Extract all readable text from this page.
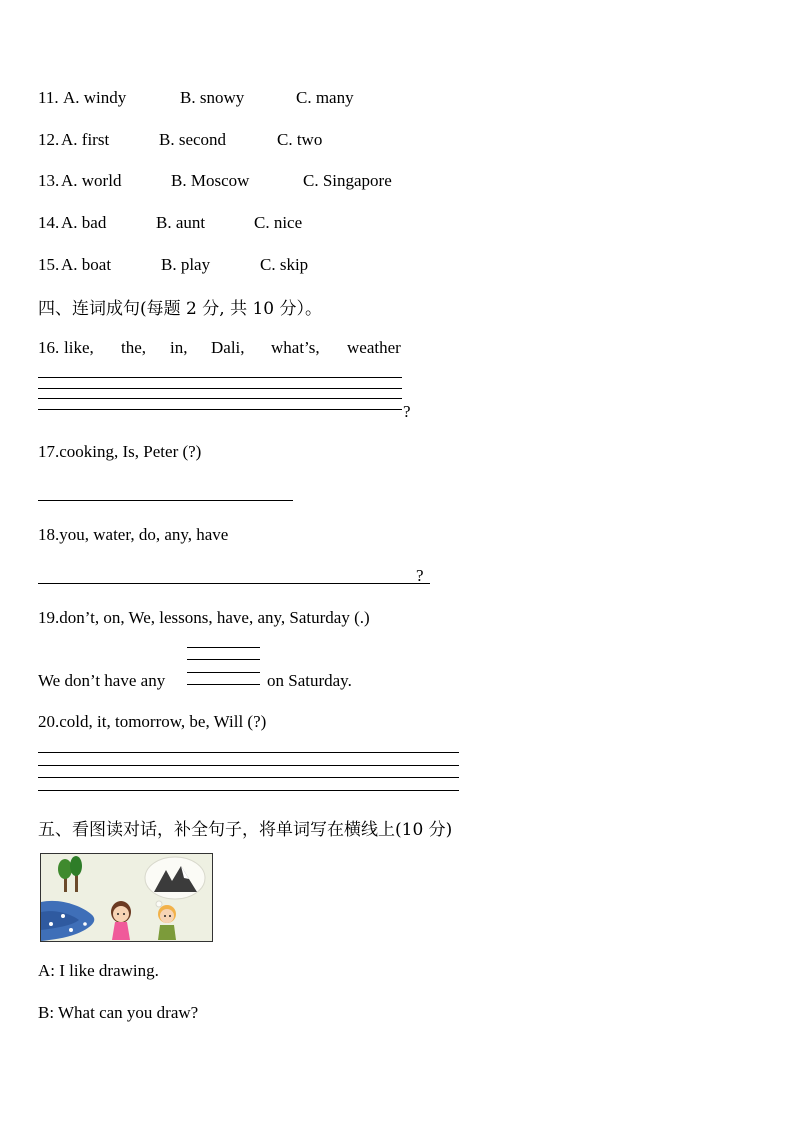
11. A. windy	B. snowy	C. many
12. A. first	B. second	C. two
13. A. world	B. Moscow	C. Singapore
14. A. bad	B. aunt	C. nice
15. A. boat	B. play	C. skip
四、连词成句(每题 2 分, 共 10 分）。
16. like, the, in, Dali, what’s, weather
?
17.cooking, Is, Peter (?)
18.you, water, do, any, have
?
19.don’t, on, We, lessons, have, any, Saturday (.)
We don’t have any	on Saturday.
20.cold, it, tomorrow, be, Will (?)
五、看图读对话，补全句子，将单词写在横线上(10 分)
A: I like drawing.
B: What can you draw?
